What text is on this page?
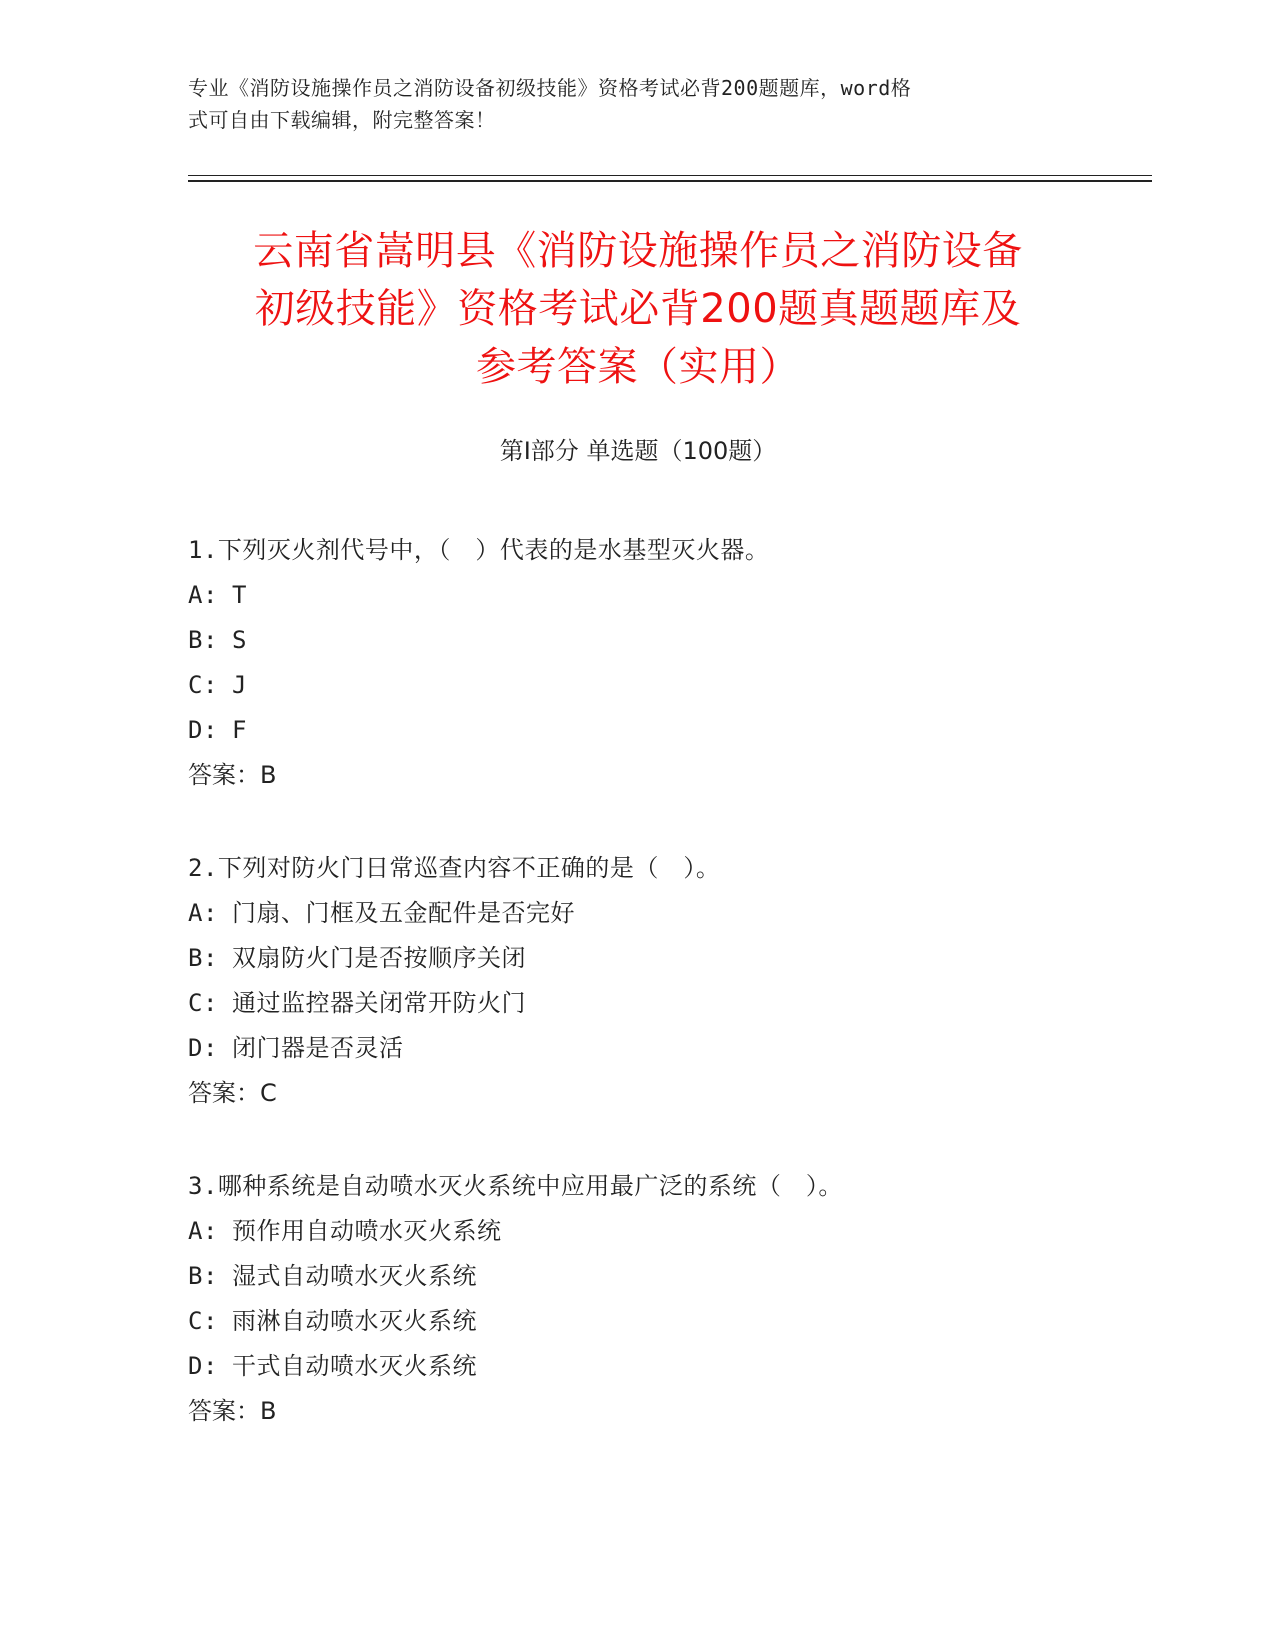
专业《消防设施操作员之消防设备初级技能》资格考试必背200题题库，word格
式可自由下载编辑，附完整答案！
云南省嵩明县《消防设施操作员之消防设备
初级技能》资格考试必背200题真题题库及
参考答案（实用）
第Ⅰ部分 单选题（100题）
1.下列灭火剂代号中，（　）代表的是水基型灭火器。
A: T
B: S
C: J
D: F
答案：B
2.下列对防火门日常巡查内容不正确的是（　）。
A: 门扇、门框及五金配件是否完好
B: 双扇防火门是否按顺序关闭
C: 通过监控器关闭常开防火门
D: 闭门器是否灵活
答案：C
3.哪种系统是自动喷水灭火系统中应用最广泛的系统（　）。
A: 预作用自动喷水灭火系统
B: 湿式自动喷水灭火系统
C: 雨淋自动喷水灭火系统
D: 干式自动喷水灭火系统
答案：B
